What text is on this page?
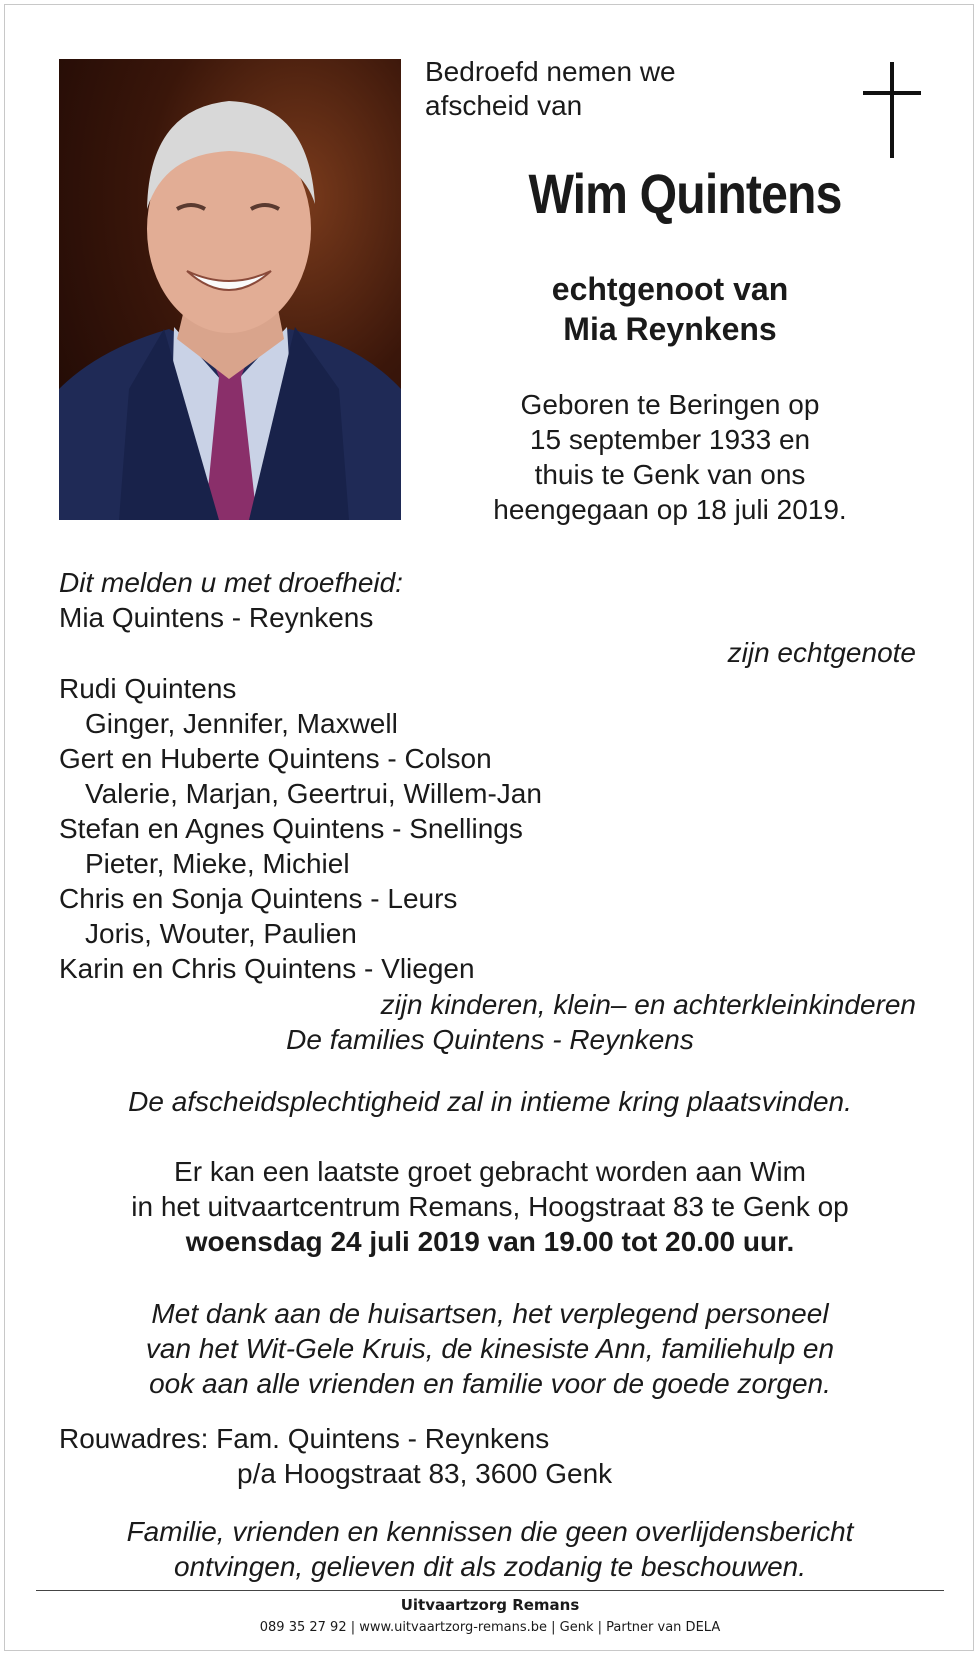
Bedroefd nemen we
afscheid van
Wim Quintens
echtgenoot van
Mia Reynkens
Geboren te Beringen op
15 september 1933 en
thuis te Genk van ons
heengegaan op 18 juli 2019.
Dit melden u met droefheid:
Mia Quintens - Reynkens
zijn echtgenote
Rudi Quintens
Ginger, Jennifer, Maxwell
Gert en Huberte Quintens - Colson
Valerie, Marjan, Geertrui, Willem-Jan
Stefan en Agnes Quintens - Snellings
Pieter, Mieke, Michiel
Chris en Sonja Quintens - Leurs
Joris, Wouter, Paulien
Karin en Chris Quintens - Vliegen
zijn kinderen, klein– en achterkleinkinderen
De families Quintens - Reynkens
De afscheidsplechtigheid zal in intieme kring plaatsvinden.
Er kan een laatste groet gebracht worden aan Wim
in het uitvaartcentrum Remans, Hoogstraat 83 te Genk op
woensdag 24 juli 2019 van 19.00 tot 20.00 uur.
Met dank aan de huisartsen, het verplegend personeel
van het Wit-Gele Kruis, de kinesiste Ann, familiehulp en
ook aan alle vrienden en familie voor de goede zorgen.
Rouwadres: Fam. Quintens - Reynkens
p/a Hoogstraat 83, 3600 Genk
Familie, vrienden en kennissen die geen overlijdensbericht
ontvingen, gelieven dit als zodanig te beschouwen.
Uitvaartzorg Remans
089 35 27 92 | www.uitvaartzorg-remans.be | Genk | Partner van DELA
